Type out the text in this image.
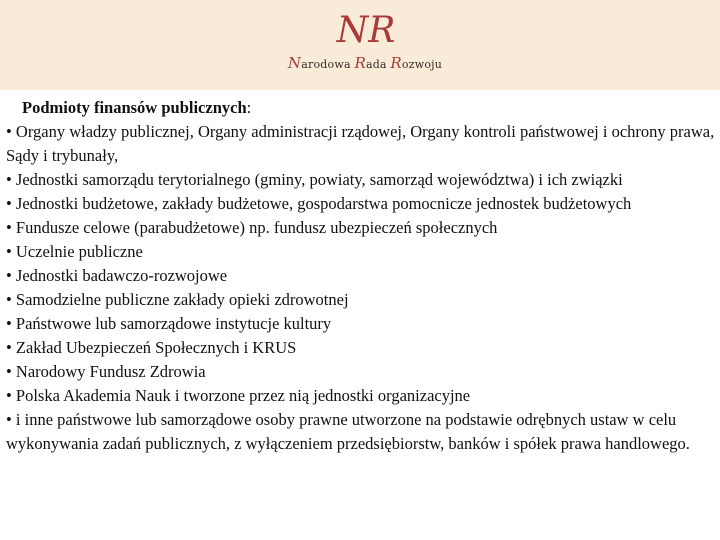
NR
Narodowa Rada Rozwoju
Podmioty finansów publicznych:
• Organy władzy publicznej, Organy administracji rządowej, Organy kontroli państwowej i ochrony prawa, Sądy i trybunały,
• Jednostki samorządu terytorialnego (gminy, powiaty, samorząd województwa) i ich związki
• Jednostki budżetowe, zakłady budżetowe, gospodarstwa pomocnicze jednostek budżetowych
• Fundusze celowe (parabudżetowe) np. fundusz ubezpieczeń społecznych
• Uczelnie publiczne
• Jednostki badawczo-rozwojowe
• Samodzielne publiczne zakłady opieki zdrowotnej
• Państwowe lub samorządowe instytucje kultury
• Zakład Ubezpieczeń Społecznych i KRUS
• Narodowy Fundusz Zdrowia
• Polska Akademia Nauk i tworzone przez nią jednostki organizacyjne
• i inne państwowe lub samorządowe osoby prawne utworzone na podstawie odrębnych ustaw w celu wykonywania zadań publicznych, z wyłączeniem przedsiębiorstw, banków i spółek prawa handlowego.
